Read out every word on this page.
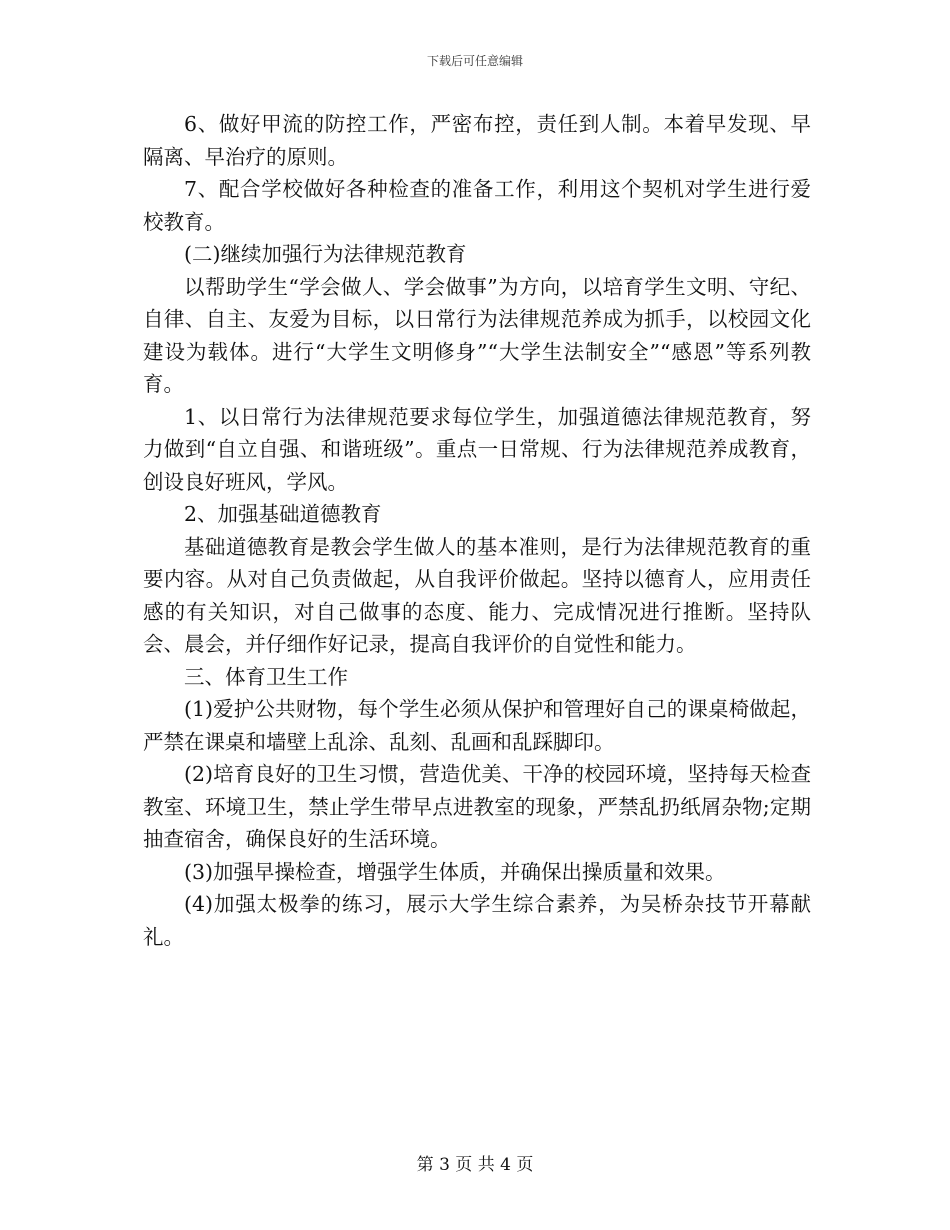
下载后可任意编辑

6、做好甲流的防控工作，严密布控，责任到人制。本着早发现、早隔离、早治疗的原则。

7、配合学校做好各种检查的准备工作，利用这个契机对学生进行爱校教育。

(二)继续加强行为法律规范教育

以帮助学生“学会做人、学会做事”为方向，以培育学生文明、守纪、自律、自主、友爱为目标，以日常行为法律规范养成为抓手，以校园文化建设为载体。进行“大学生文明修身”“大学生法制安全”“感恩”等系列教育。

1、以日常行为法律规范要求每位学生，加强道德法律规范教育，努力做到“自立自强、和谐班级”。重点一日常规、行为法律规范养成教育，创设良好班风，学风。

2、加强基础道德教育

基础道德教育是教会学生做人的基本准则，是行为法律规范教育的重要内容。从对自己负责做起，从自我评价做起。坚持以德育人，应用责任感的有关知识，对自己做事的态度、能力、完成情况进行推断。坚持队会、晨会，并仔细作好记录，提高自我评价的自觉性和能力。

三、体育卫生工作

(1)爱护公共财物，每个学生必须从保护和管理好自己的课桌椅做起，严禁在课桌和墙壁上乱涂、乱刻、乱画和乱踩脚印。

(2)培育良好的卫生习惯，营造优美、干净的校园环境，坚持每天检查教室、环境卫生，禁止学生带早点进教室的现象，严禁乱扔纸屑杂物;定期抽查宿舍，确保良好的生活环境。

(3)加强早操检查，增强学生体质，并确保出操质量和效果。

(4)加强太极拳的练习，展示大学生综合素养，为吴桥杂技节开幕献礼。

第 3 页 共 4 页
